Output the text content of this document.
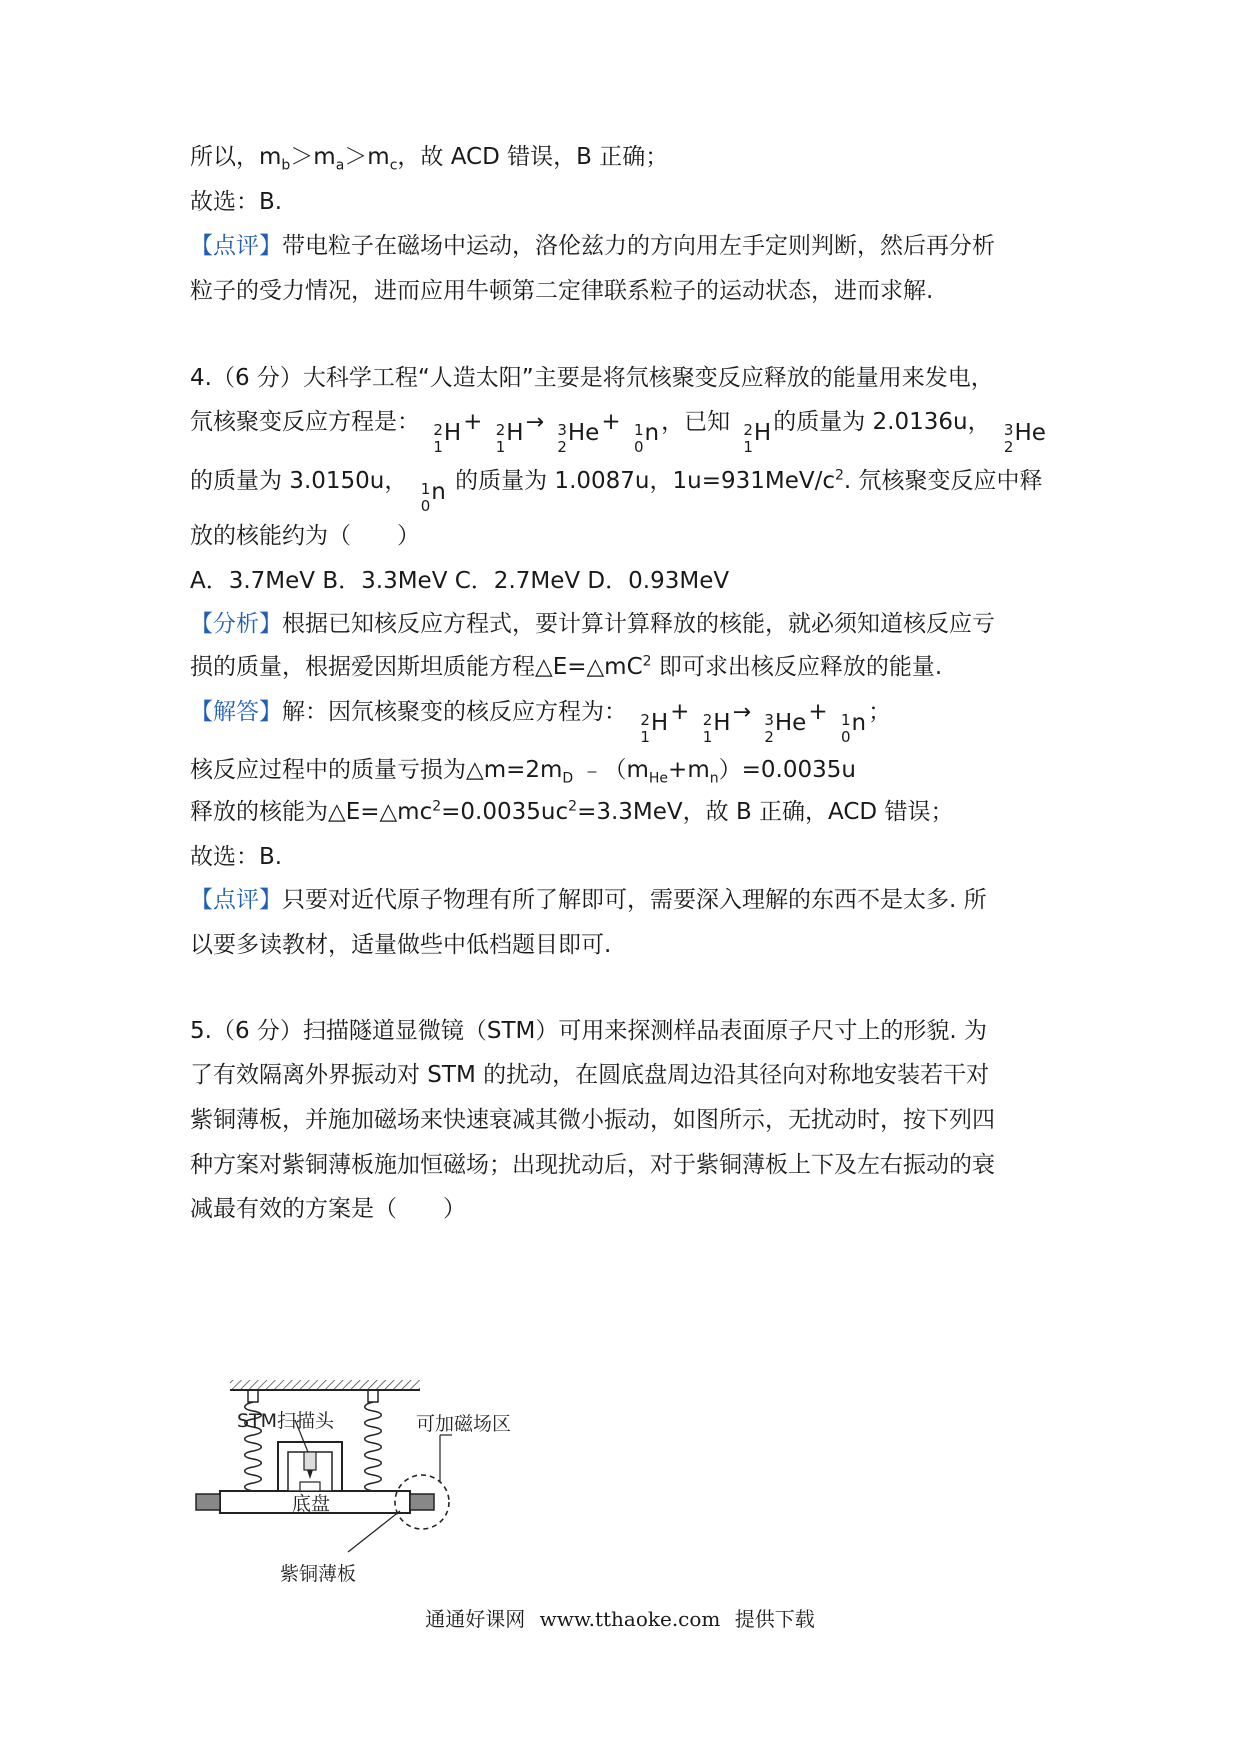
所以，$m_b>m_a>m_c$，故 ACD 错误，B 正确；
故选：B.
【点评】带电粒子在磁场中运动，洛伦兹力的方向用左手定则判断，然后再分析
粒子的受力情况，进而应用牛顿第二定律联系粒子的运动状态，进而求解.
4.（6 分）大科学工程“人造太阳”主要是将氘核聚变反应释放的能量用来发电，
氘核聚变反应方程是： 2
1
H + 2
1
H → 3
2
He + 1
0
n ，已知 2
1
H 的质量为 2.0136u， 3
2
He
的质量为 3.0150u， 1
0
n 的质量为 1.0087u，$1u=931MeV/c^2$. 氘核聚变反应中释
放的核能约为（　　）
A．3.7MeV B．3.3MeV C．2.7MeV D．0.93MeV
【分析】根据已知核反应方程式，要计算计算释放的核能，就必须知道核反应亏
损的质量，根据爱因斯坦质能方程$\triangle E=\triangle mC^2$ 即可求出核反应释放的能量.
【解答】解：因氘核聚变的核反应方程为： 2
1
H + 2
1
H → 3
2
He + 1
0
n ；
核反应过程中的质量亏损为$\triangle m=2m_D$ $﹣(m_{He}+m_n)=0.0035u$
释放的核能为$\triangle E=\triangle mc^2=0.0035uc^2=3.3MeV$，故 B 正确，ACD 错误；
故选：B.
【点评】只要对近代原子物理有所了解即可，需要深入理解的东西不是太多. 所
以要多读教材，适量做些中低档题目即可.
5.（6 分）扫描隧道显微镜（STM）可用来探测样品表面原子尺寸上的形貌. 为
了有效隔离外界振动对 STM 的扰动，在圆底盘周边沿其径向对称地安装若干对
紫铜薄板，并施加磁场来快速衰减其微小振动，如图所示，无扰动时，按下列四
种方案对紫铜薄板施加恒磁场；出现扰动后，对于紫铜薄板上下及左右振动的衰
减最有效的方案是（　　）
STM扫描头	可加磁场区
底盘
紫铜薄板
通通好课网 www.tthaoke.com 提供下载
